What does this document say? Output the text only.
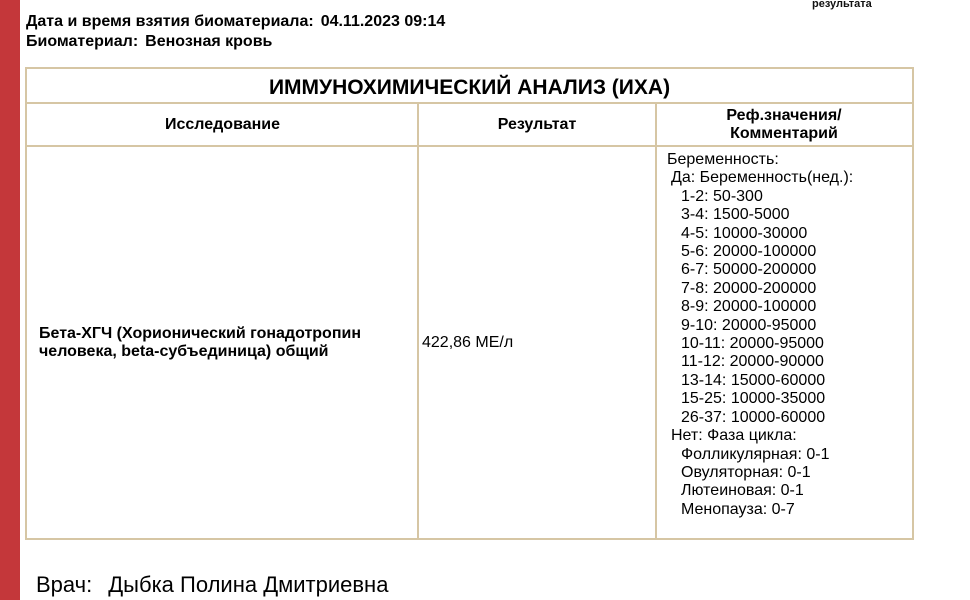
результата
Дата и время взятия биоматериала: 04.11.2023 09:14
Биоматериал: Венозная кровь
ИММУНОХИМИЧЕСКИЙ АНАЛИЗ (ИХА)
Исследование	Результат
Реф.значения/
Комментарий
Бета-ХГЧ (Хорионический гонадотропин
человека, beta-субъединица) общий
422,86 МЕ/л
Беременность:
Да: Беременность(нед.):
1-2: 50-300
3-4: 1500-5000
4-5: 10000-30000
5-6: 20000-100000
6-7: 50000-200000
7-8: 20000-200000
8-9: 20000-100000
9-10: 20000-95000
10-11: 20000-95000
11-12: 20000-90000
13-14: 15000-60000
15-25: 10000-35000
26-37: 10000-60000
Нет: Фаза цикла:
Фолликулярная: 0-1
Овуляторная: 0-1
Лютеиновая: 0-1
Менопауза: 0-7
Врач: Дыбка Полина Дмитриевна
